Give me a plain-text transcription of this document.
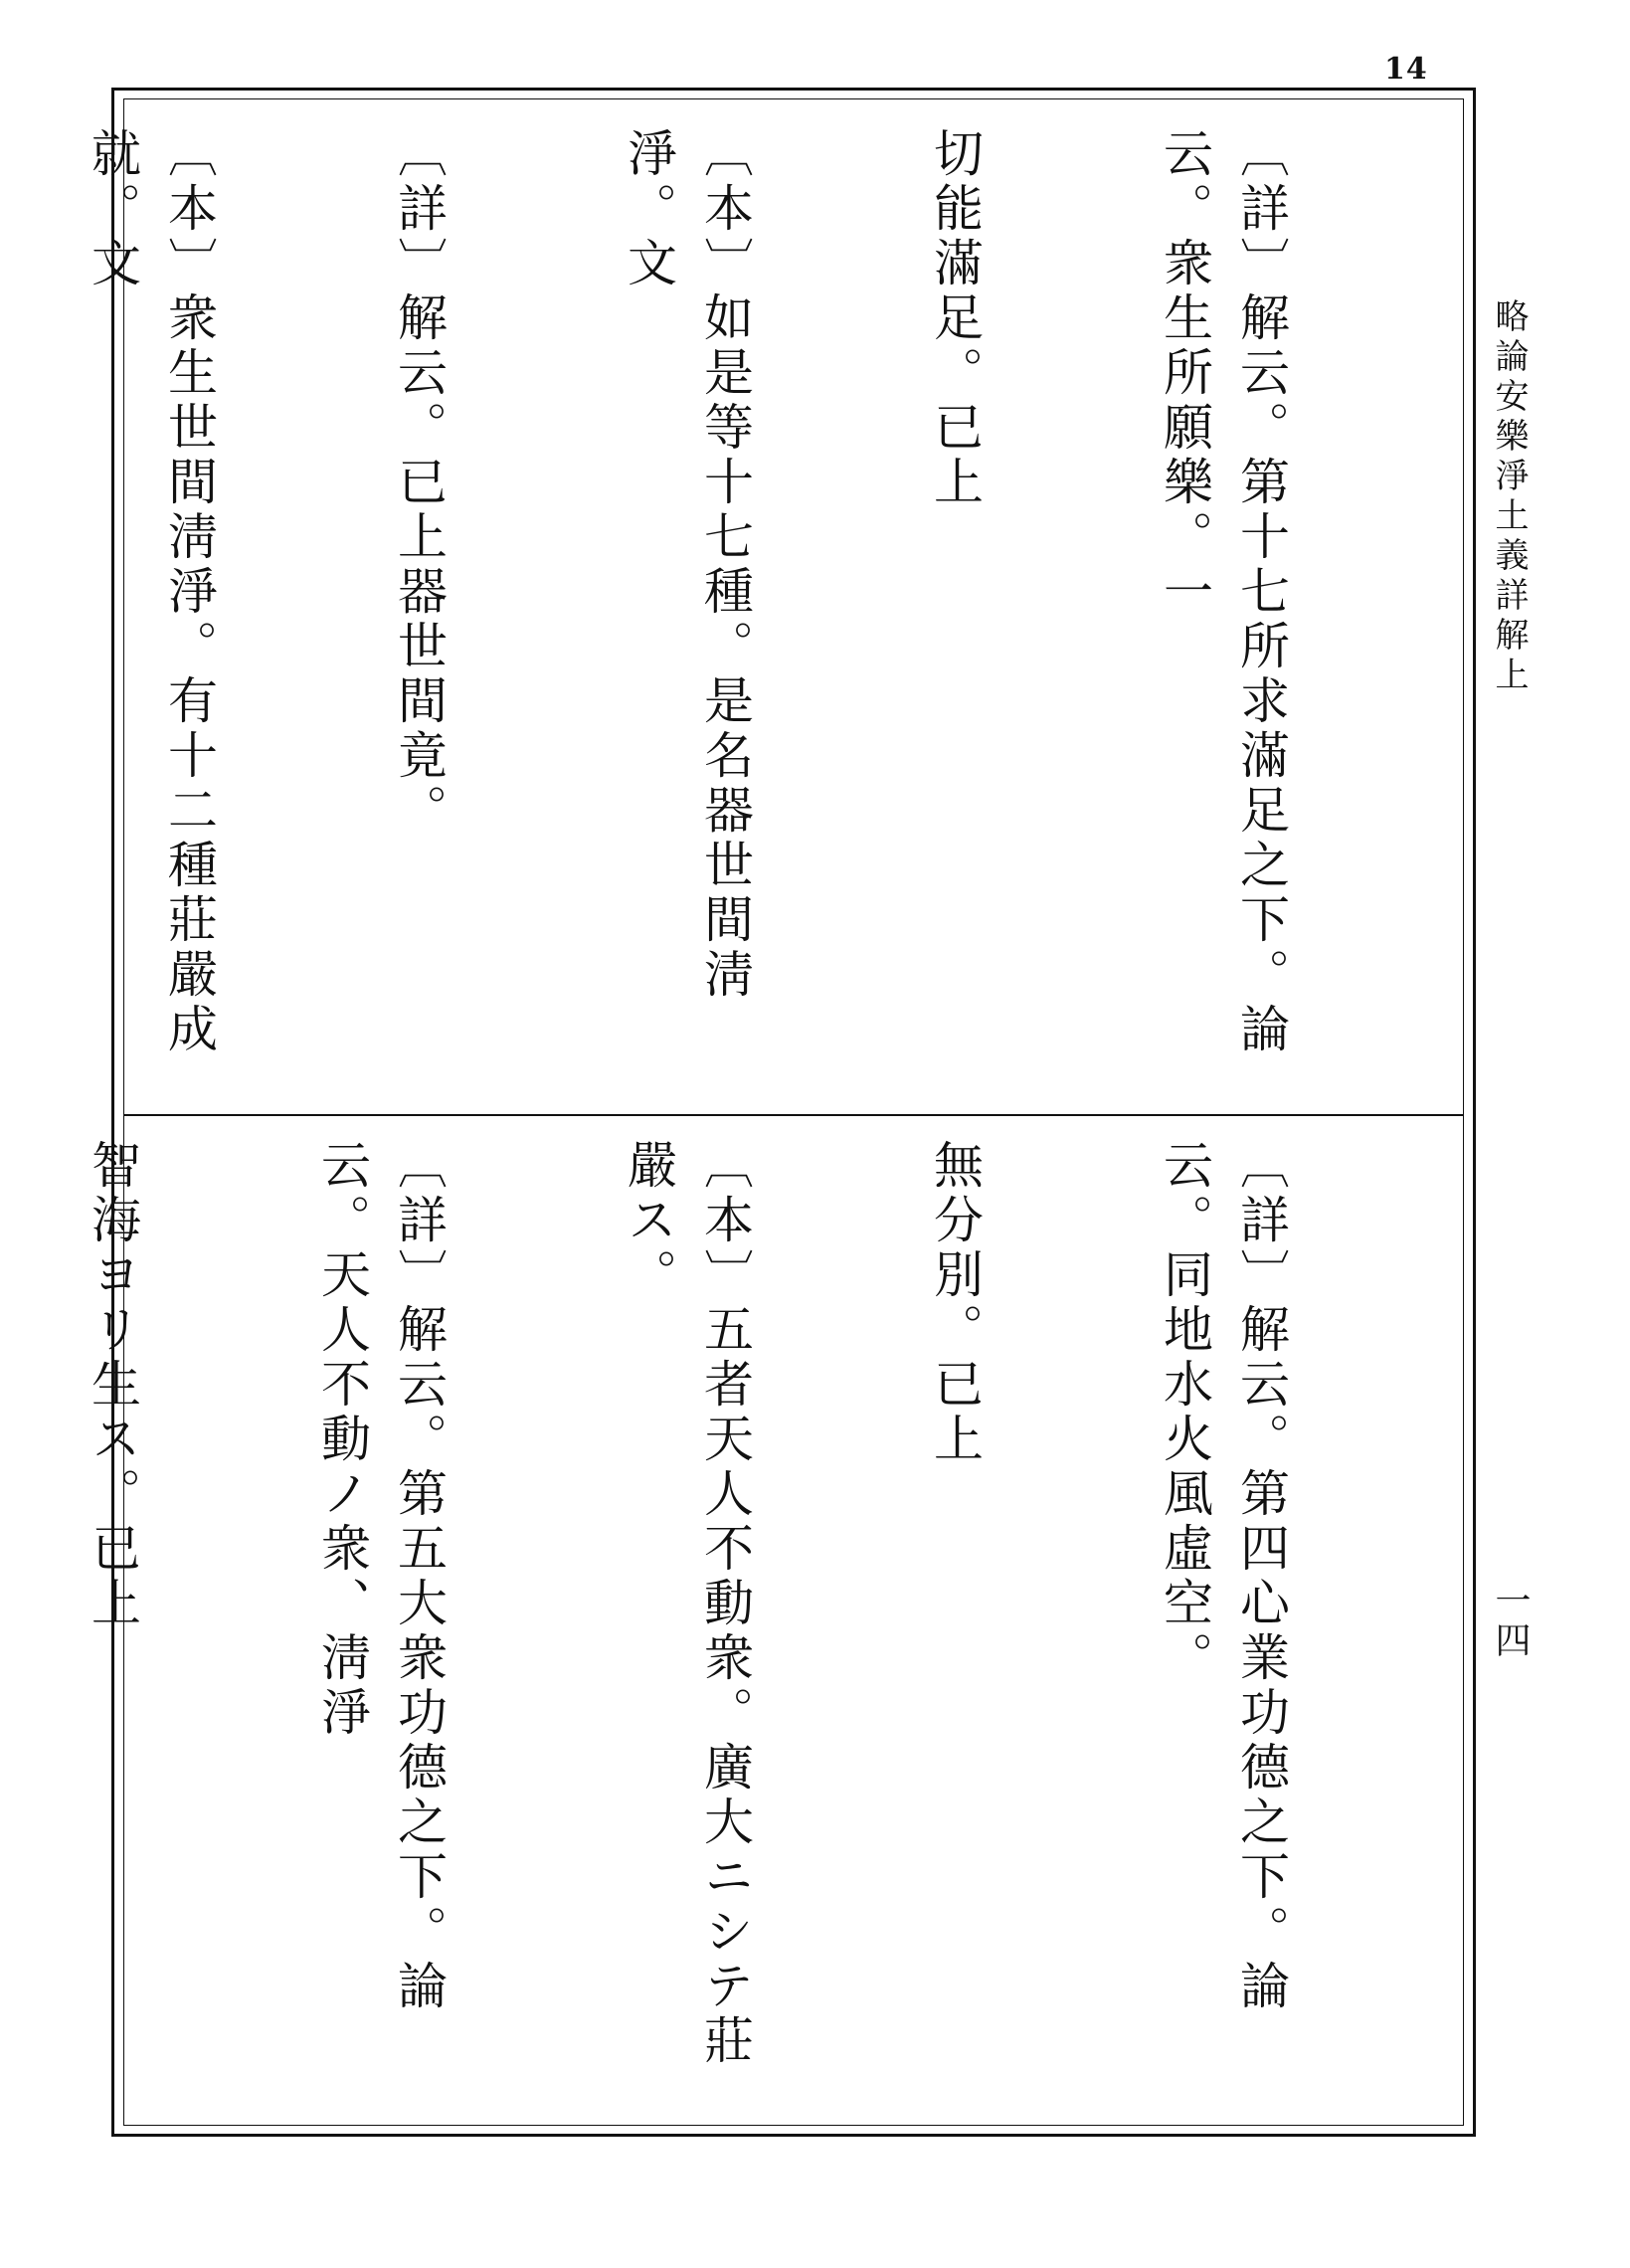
14
略論安樂淨土義詳解上
一四

〔詳〕解云。第十七所求滿足之下。論云。衆生所願樂。一

切能滿足。已上

〔本〕如是等十七種。是名器世間淸淨。文

〔詳〕解云。已上器世間竟。

〔本〕衆生世間淸淨。有十二種莊嚴成就。文

〔詳〕解云。第四心業功德之下。論云。同地水火風虛空。

無分別。已上

〔本〕五者天人不動衆。廣大ニシテ莊嚴ス。

〔詳〕解云。第五大衆功德之下。論云。天人不動ノ衆、淸淨

智海ヨリ生ス。已上
